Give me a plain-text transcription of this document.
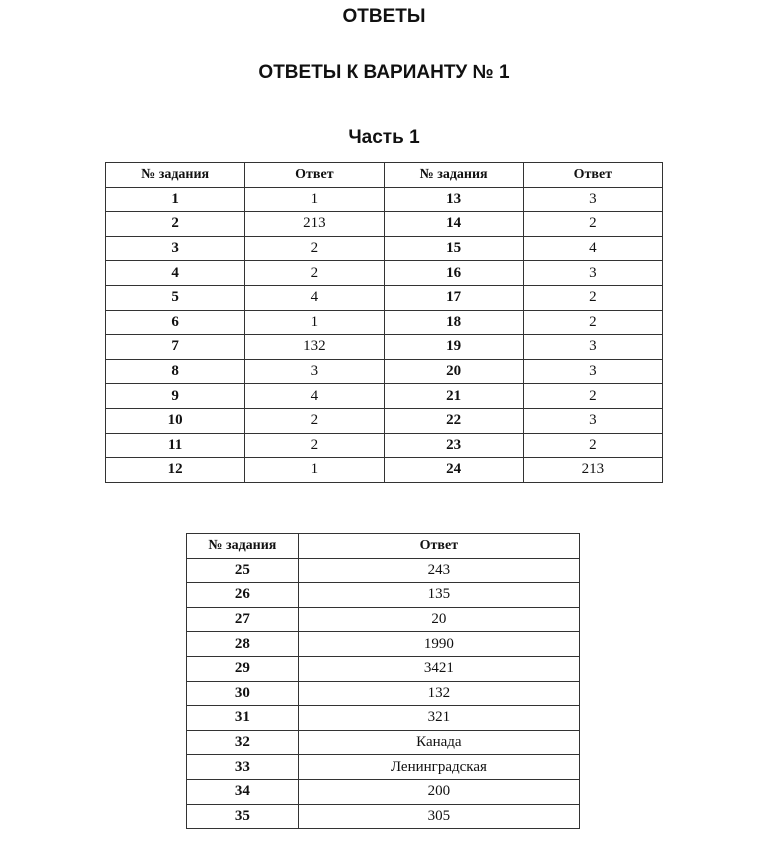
ОТВЕТЫ
ОТВЕТЫ К ВАРИАНТУ № 1
Часть 1
№ задания	Ответ	№ задания	Ответ
1	1	13	3
2	213	14	2
3	2	15	4
4	2	16	3
5	4	17	2
6	1	18	2
7	132	19	3
8	3	20	3
9	4	21	2
10	2	22	3
11	2	23	2
12	1	24	213
№ задания	Ответ
25	243
26	135
27	20
28	1990
29	3421
30	132
31	321
32	Канада
33	Ленинградская
34	200
35	305
